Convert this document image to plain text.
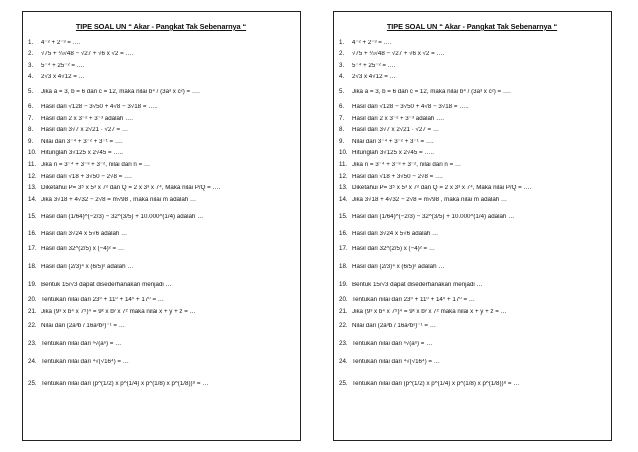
TIPE SOAL UN “ Akar - Pangkat Tak Sebenarnya “
1.	4⁻² + 2⁻³ = ….
2.	√75 + ¼√48 − √27 + √6 x √2 = ….
3.	5⁻⁴ + 25⁻² = ….
4.	2√3 x 4√12 = …
5.	Jika a = 3, b = 6 dan c = 12, maka nilai b⁴ / (3a³ x c²) = ….
6.	Hasil dari √128 − 3√50 + 4√8 − 3√18 = …..
7.	Hasil dari 2 x 3⁻² + 3⁻³ adalah ….
8.	Hasil dari 3√7 x 2√21 · √27 = …
9.	Nilai dari 3⁻⁴ + 3⁻² + 3⁻¹ = ….
10. Hitunglah 3√125 x 2√45 = …..
11. Jika n = 3⁻⁴ + 3⁻³ + 3⁻², nilai dari n = …
12. Hasil dari √18 + 3√50 − 2√8 = ….
13. Diketahui P= 3⁵ x 5³ x 7² dan Q = 2 x 3³ x 7⁴, Maka nilai P/Q = ….
14. Jika 3√18 + 4√32 − 2√8 = m√98 , maka nilai m adalah …
15. Hasil dari (1/64)^(−2/3) − 32^(3/5) + 10.000^(1/4) adalah …
16. Hasil dari 3√24 x 5√6 adalah …
17. Hasil dari 32^(2/5) x (−4)² = …
18. Hasil dari (2/3)⁴ x (6/5)² adalah …
19. Bentuk 15/√3 dapat disederhanakan menjadi …
20. Tentukan nilai dari 23⁰ + 11⁰ + 14⁰ + 17⁰ = …
21. Jika (9³ x b⁴ x 7⁵)⁴ = 9ˣ x bʸ x 7ᶻ maka nilai x + y + z = …
22. Nilai dari (2a³b / 16a²b²)⁻¹ = …
23. Tentukan nilai dari ⁿ√(aⁿ) = …
24. Tentukan nilai dari ⁴√(√16⁴) = …
25. Tentukan nilai dari (p^(1/2) x p^(1/4) x p^(1/8) x p^(1/8))⁸ = …
TIPE SOAL UN “ Akar - Pangkat Tak Sebenarnya “
1.	4⁻² + 2⁻³ = ….
2.	√75 + ¼√48 − √27 + √6 x √2 = ….
3.	5⁻⁴ + 25⁻² = ….
4.	2√3 x 4√12 = …
5.	Jika a = 3, b = 6 dan c = 12, maka nilai b⁴ / (3a³ x c²) = ….
6.	Hasil dari √128 − 3√50 + 4√8 − 3√18 = …..
7.	Hasil dari 2 x 3⁻² + 3⁻³ adalah ….
8.	Hasil dari 3√7 x 2√21 · √27 = …
9.	Nilai dari 3⁻⁴ + 3⁻² + 3⁻¹ = ….
10. Hitunglah 3√125 x 2√45 = …..
11. Jika n = 3⁻⁴ + 3⁻³ + 3⁻², nilai dari n = …
12. Hasil dari √18 + 3√50 − 2√8 = ….
13. Diketahui P= 3⁵ x 5³ x 7² dan Q = 2 x 3³ x 7⁴, Maka nilai P/Q = ….
14. Jika 3√18 + 4√32 − 2√8 = m√98 , maka nilai m adalah …
15. Hasil dari (1/64)^(−2/3) − 32^(3/5) + 10.000^(1/4) adalah …
16. Hasil dari 3√24 x 5√6 adalah …
17. Hasil dari 32^(2/5) x (−4)² = …
18. Hasil dari (2/3)⁴ x (6/5)² adalah …
19. Bentuk 15/√3 dapat disederhanakan menjadi …
20. Tentukan nilai dari 23⁰ + 11⁰ + 14⁰ + 17⁰ = …
21. Jika (9³ x b⁴ x 7⁵)⁴ = 9ˣ x bʸ x 7ᶻ maka nilai x + y + z = …
22. Nilai dari (2a³b / 16a²b²)⁻¹ = …
23. Tentukan nilai dari ⁿ√(aⁿ) = …
24. Tentukan nilai dari ⁴√(√16⁴) = …
25. Tentukan nilai dari (p^(1/2) x p^(1/4) x p^(1/8) x p^(1/8))⁸ = …
